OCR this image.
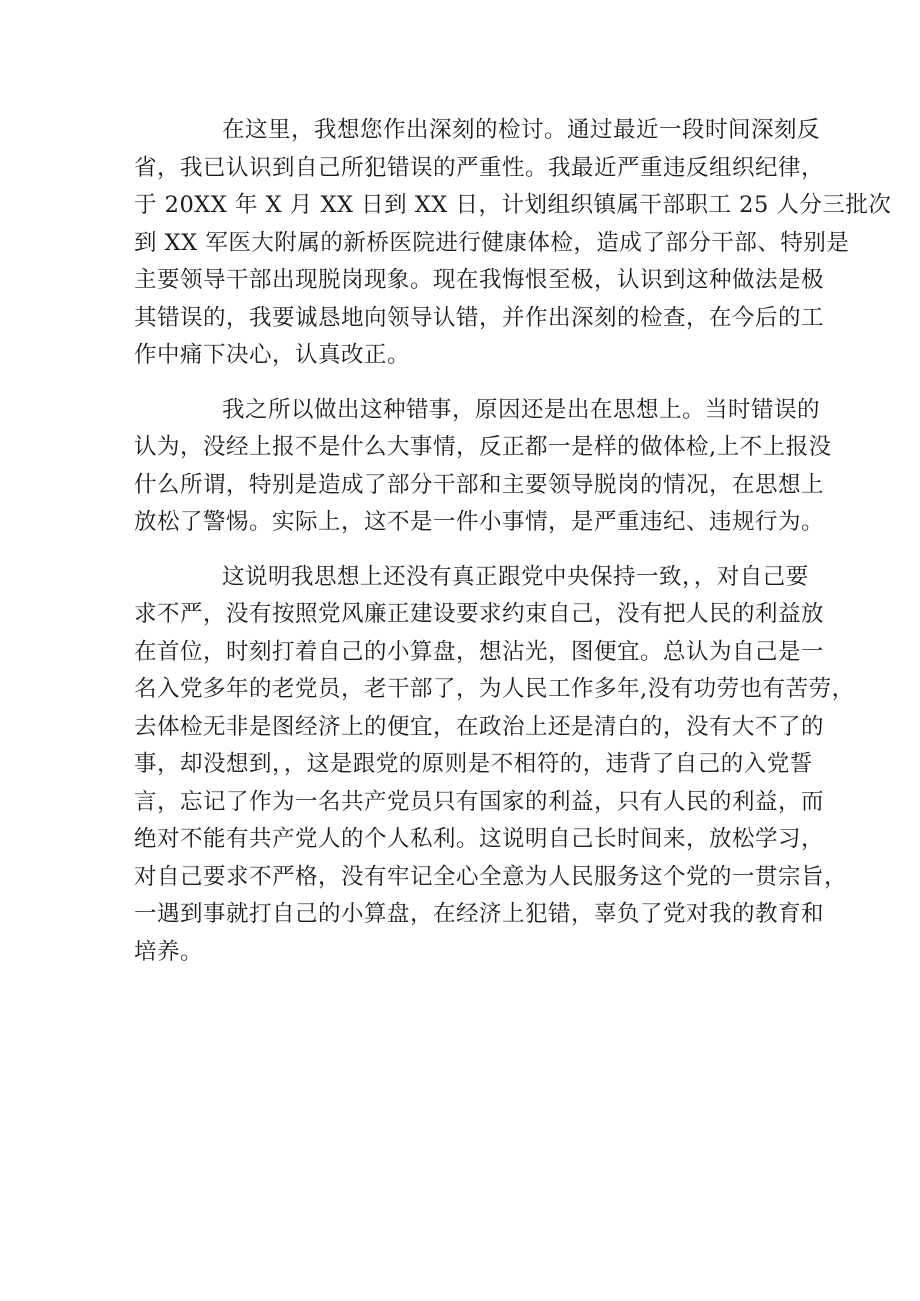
在这里，我想您作出深刻的检讨。通过最近一段时间深刻反
省，我已认识到自己所犯错误的严重性。我最近严重违反组织纪律，
于 20XX 年 X 月 XX 日到 XX 日，计划组织镇属干部职工 25 人分三批次
到 XX 军医大附属的新桥医院进行健康体检，造成了部分干部、特别是
主要领导干部出现脱岗现象。现在我悔恨至极，认识到这种做法是极
其错误的，我要诚恳地向领导认错，并作出深刻的检查，在今后的工
作中痛下决心，认真改正。
我之所以做出这种错事，原因还是出在思想上。当时错误的
认为，没经上报不是什么大事情，反正都一是样的做体检,上不上报没
什么所谓，特别是造成了部分干部和主要领导脱岗的情况，在思想上
放松了警惕。实际上，这不是一件小事情，是严重违纪、违规行为。
这说明我思想上还没有真正跟党中央保持一致，，对自己要
求不严，没有按照党风廉正建设要求约束自己，没有把人民的利益放
在首位，时刻打着自己的小算盘，想沾光，图便宜。总认为自己是一
名入党多年的老党员，老干部了，为人民工作多年,没有功劳也有苦劳，
去体检无非是图经济上的便宜，在政治上还是清白的，没有大不了的
事，却没想到，，这是跟党的原则是不相符的，违背了自己的入党誓
言，忘记了作为一名共产党员只有国家的利益，只有人民的利益，而
绝对不能有共产党人的个人私利。这说明自己长时间来，放松学习，
对自己要求不严格，没有牢记全心全意为人民服务这个党的一贯宗旨，
一遇到事就打自己的小算盘，在经济上犯错，辜负了党对我的教育和
培养。
